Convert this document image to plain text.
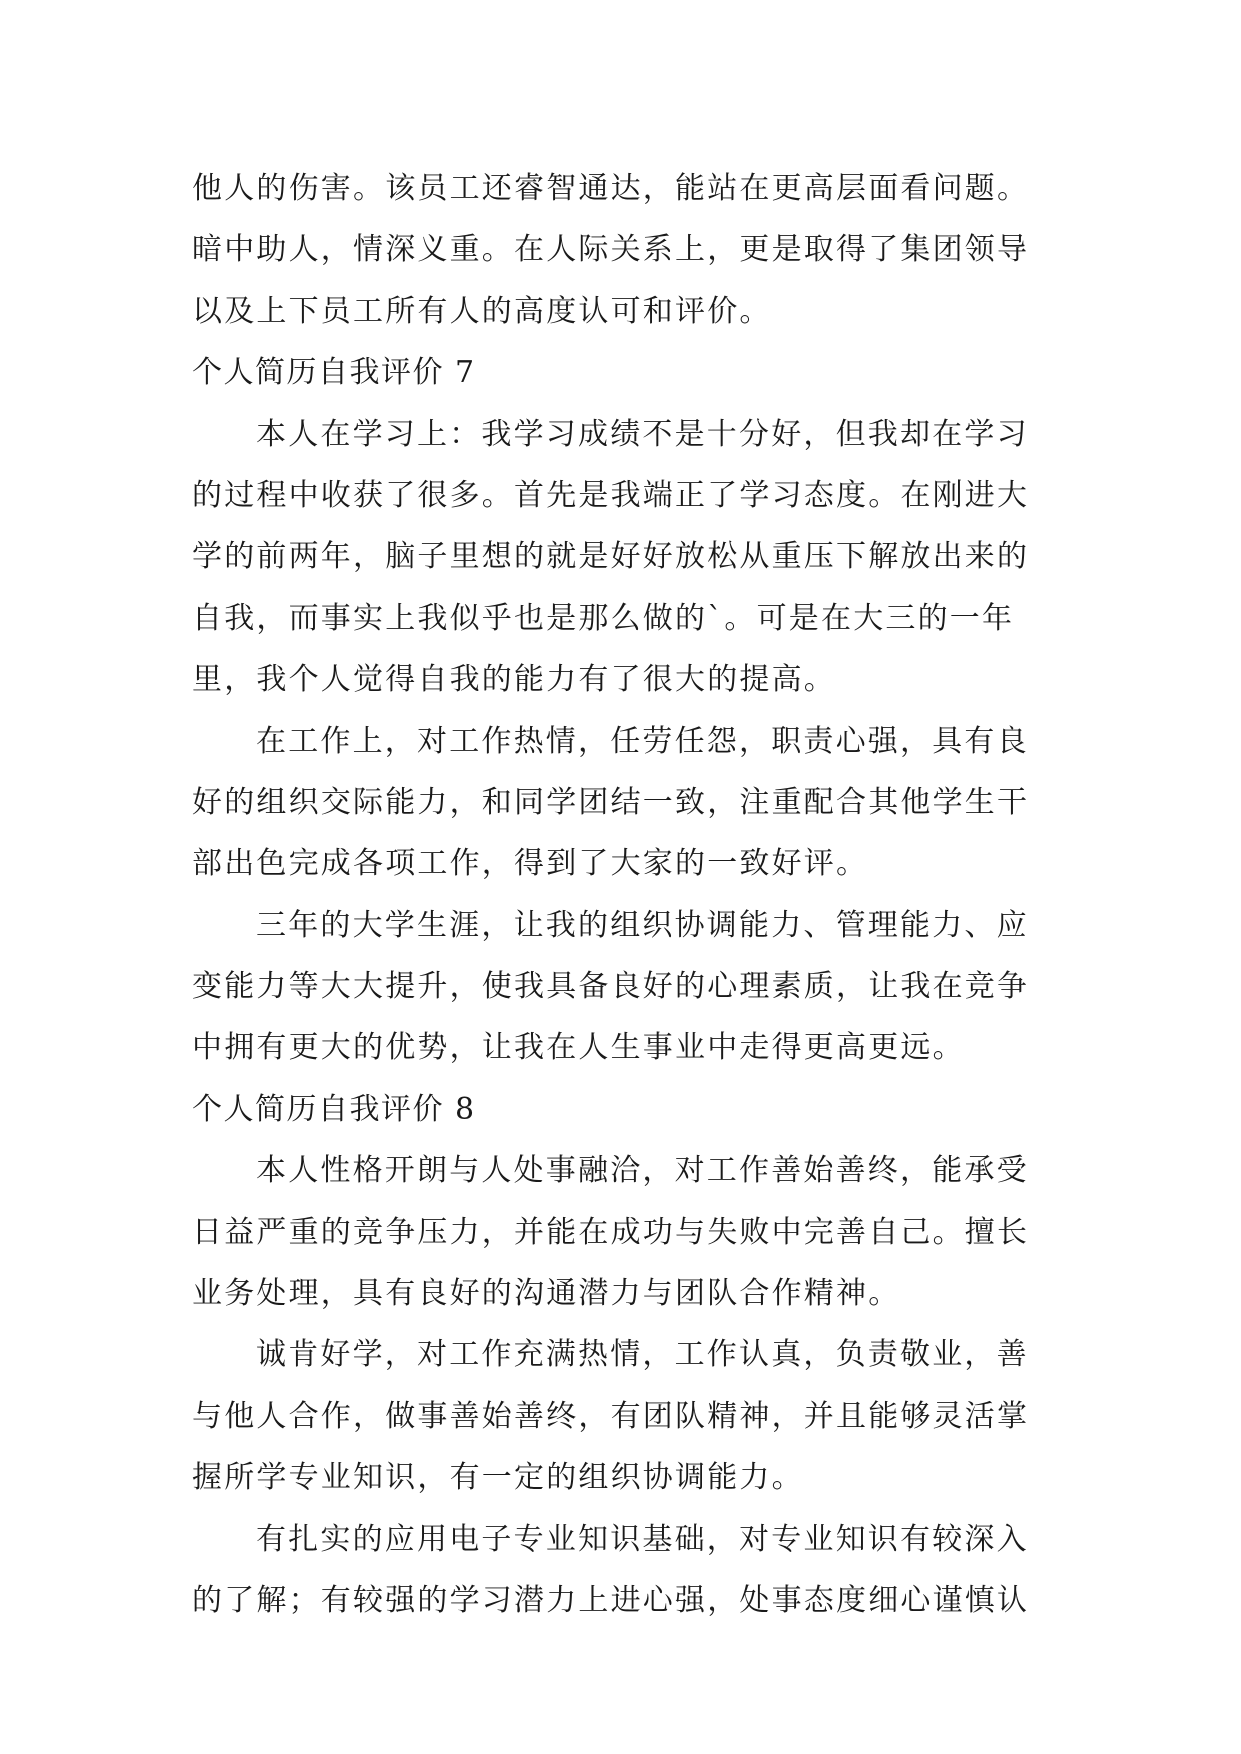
他人的伤害。该员工还睿智通达，能站在更高层面看问题。
暗中助人，情深义重。在人际关系上，更是取得了集团领导
以及上下员工所有人的高度认可和评价。
个人简历自我评价 7
本人在学习上：我学习成绩不是十分好，但我却在学习
的过程中收获了很多。首先是我端正了学习态度。在刚进大
学的前两年，脑子里想的就是好好放松从重压下解放出来的
自我，而事实上我似乎也是那么做的`。可是在大三的一年
里，我个人觉得自我的能力有了很大的提高。
在工作上，对工作热情，任劳任怨，职责心强，具有良
好的组织交际能力，和同学团结一致，注重配合其他学生干
部出色完成各项工作，得到了大家的一致好评。
三年的大学生涯，让我的组织协调能力、管理能力、应
变能力等大大提升，使我具备良好的心理素质，让我在竞争
中拥有更大的优势，让我在人生事业中走得更高更远。
个人简历自我评价 8
本人性格开朗与人处事融洽，对工作善始善终，能承受
日益严重的竞争压力，并能在成功与失败中完善自己。擅长
业务处理，具有良好的沟通潜力与团队合作精神。
诚肯好学，对工作充满热情，工作认真，负责敬业，善
与他人合作，做事善始善终，有团队精神，并且能够灵活掌
握所学专业知识，有一定的组织协调能力。
有扎实的应用电子专业知识基础，对专业知识有较深入
的了解；有较强的学习潜力上进心强，处事态度细心谨慎认
